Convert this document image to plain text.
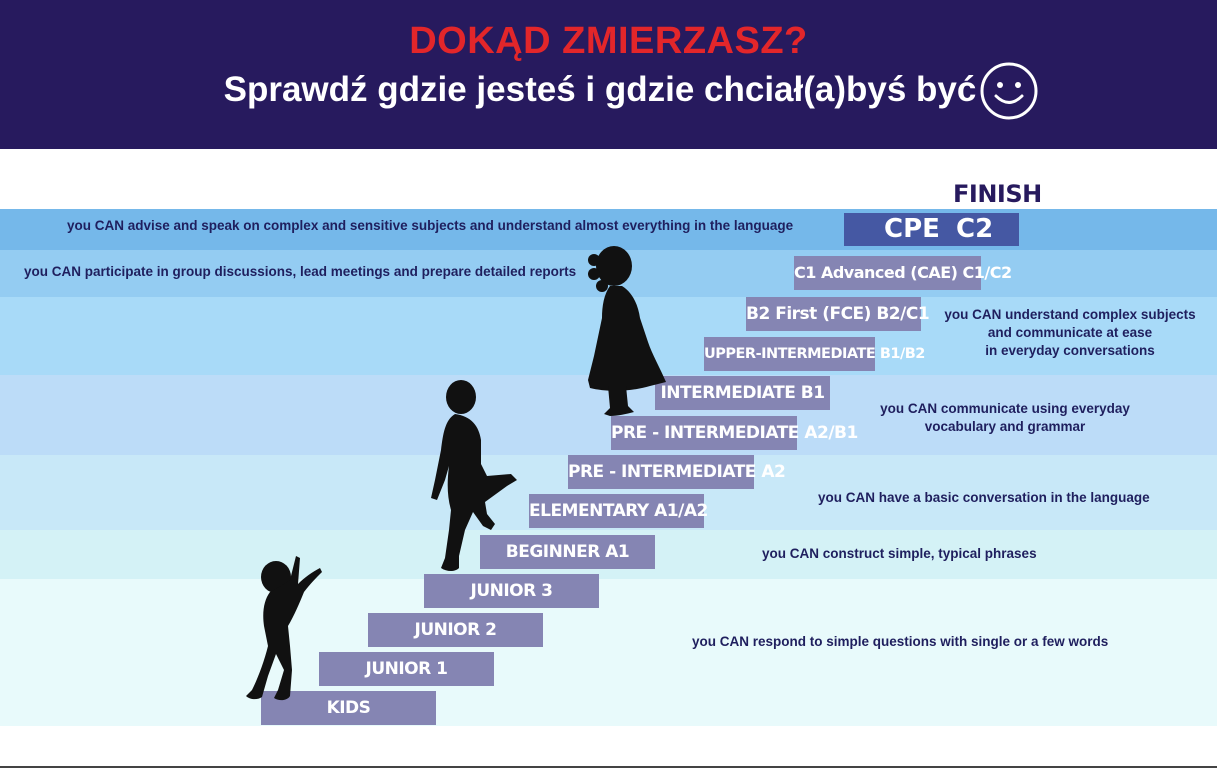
DOKĄD ZMIERZASZ?
Sprawdź gdzie jesteś i gdzie chciał(a)byś być
you CAN advise and speak on complex and sensitive subjects and understand almost everything in the language
you CAN participate in group discussions, lead meetings and prepare detailed reports
you CAN understand complex subjects
and communicate at ease
in everyday conversations
you CAN communicate using everyday
vocabulary and grammar
you CAN have a basic conversation in the language
you CAN construct simple, typical phrases
you CAN respond to simple questions with single or a few words
FINISH
CPE C2
KIDS
JUNIOR 1
JUNIOR 2
JUNIOR 3
BEGINNER A1
ELEMENTARY A1/A2
PRE - INTERMEDIATE A2
PRE - INTERMEDIATE A2/B1
INTERMEDIATE B1
UPPER-INTERMEDIATE B1/B2
B2 First (FCE) B2/C1
C1 Advanced (CAE) C1/C2
